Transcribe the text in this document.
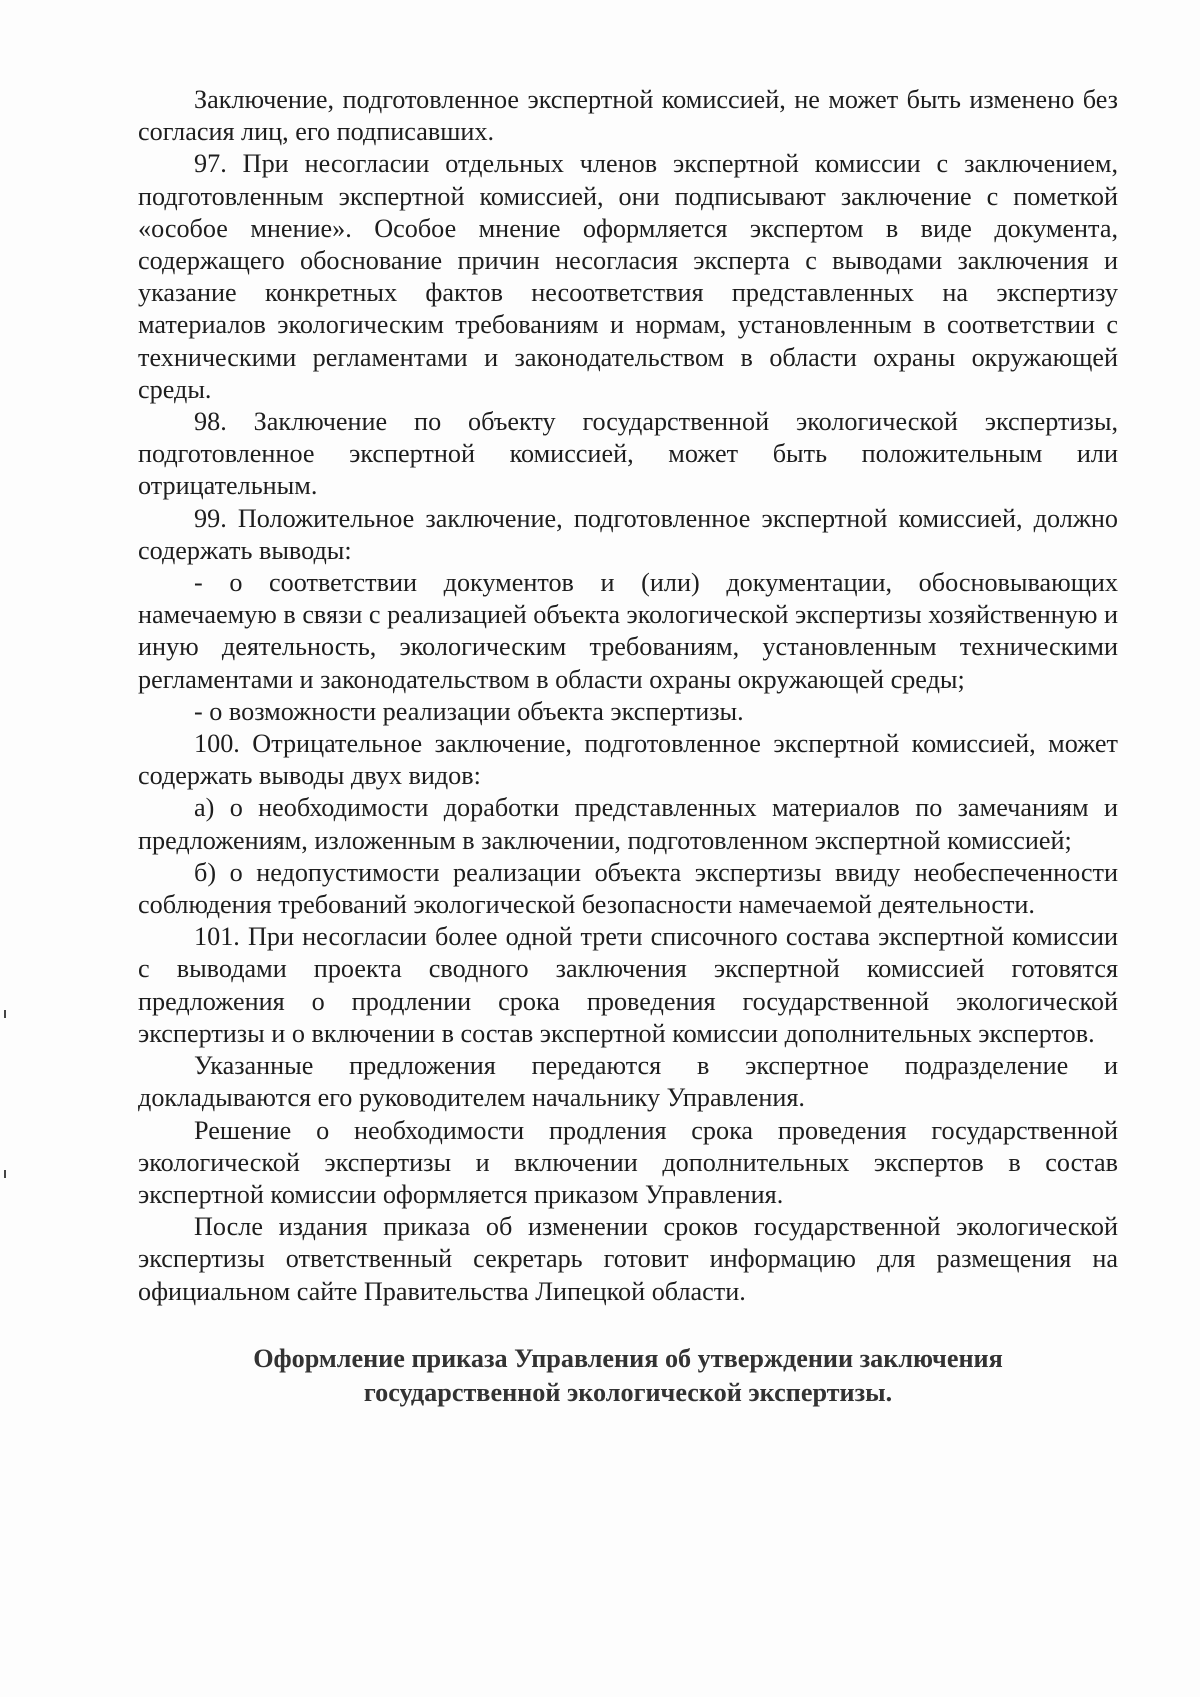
Заключение, подготовленное экспертной комиссией, не может быть изменено без согласия лиц, его подписавших.

97. При несогласии отдельных членов экспертной комиссии с заключением, подготовленным экспертной комиссией, они подписывают заключение с пометкой «особое мнение». Особое мнение оформляется экспертом в виде документа, содержащего обоснование причин несогласия эксперта с выводами заключения и указание конкретных фактов несоответствия представленных на экспертизу материалов экологическим требованиям и нормам, установленным в соответствии с техническими регламентами и законодательством в области охраны окружающей среды.

98. Заключение по объекту государственной экологической экспертизы, подготовленное экспертной комиссией, может быть положительным или отрицательным.

99. Положительное заключение, подготовленное экспертной комиссией, должно содержать выводы:

- о соответствии документов и (или) документации, обосновывающих намечаемую в связи с реализацией объекта экологической экспертизы хозяйственную и иную деятельность, экологическим требованиям, установленным техническими регламентами и законодательством в области охраны окружающей среды;

- о возможности реализации объекта экспертизы.

100. Отрицательное заключение, подготовленное экспертной комиссией, может содержать выводы двух видов:

а) о необходимости доработки представленных материалов по замечаниям и предложениям, изложенным в заключении, подготовленном экспертной комиссией;

б) о недопустимости реализации объекта экспертизы ввиду необеспеченности соблюдения требований экологической безопасности намечаемой деятельности.

101. При несогласии более одной трети списочного состава экспертной комиссии с выводами проекта сводного заключения экспертной комиссией готовятся предложения о продлении срока проведения государственной экологической экспертизы и о включении в состав экспертной комиссии дополнительных экспертов.

Указанные предложения передаются в экспертное подразделение и докладываются его руководителем начальнику Управления.

Решение о необходимости продления срока проведения государственной экологической экспертизы и включении дополнительных экспертов в состав экспертной комиссии оформляется приказом Управления.

После издания приказа об изменении сроков государственной экологической экспертизы ответственный секретарь готовит информацию для размещения на официальном сайте Правительства Липецкой области.

Оформление приказа Управления об утверждении заключения
государственной экологической экспертизы.
